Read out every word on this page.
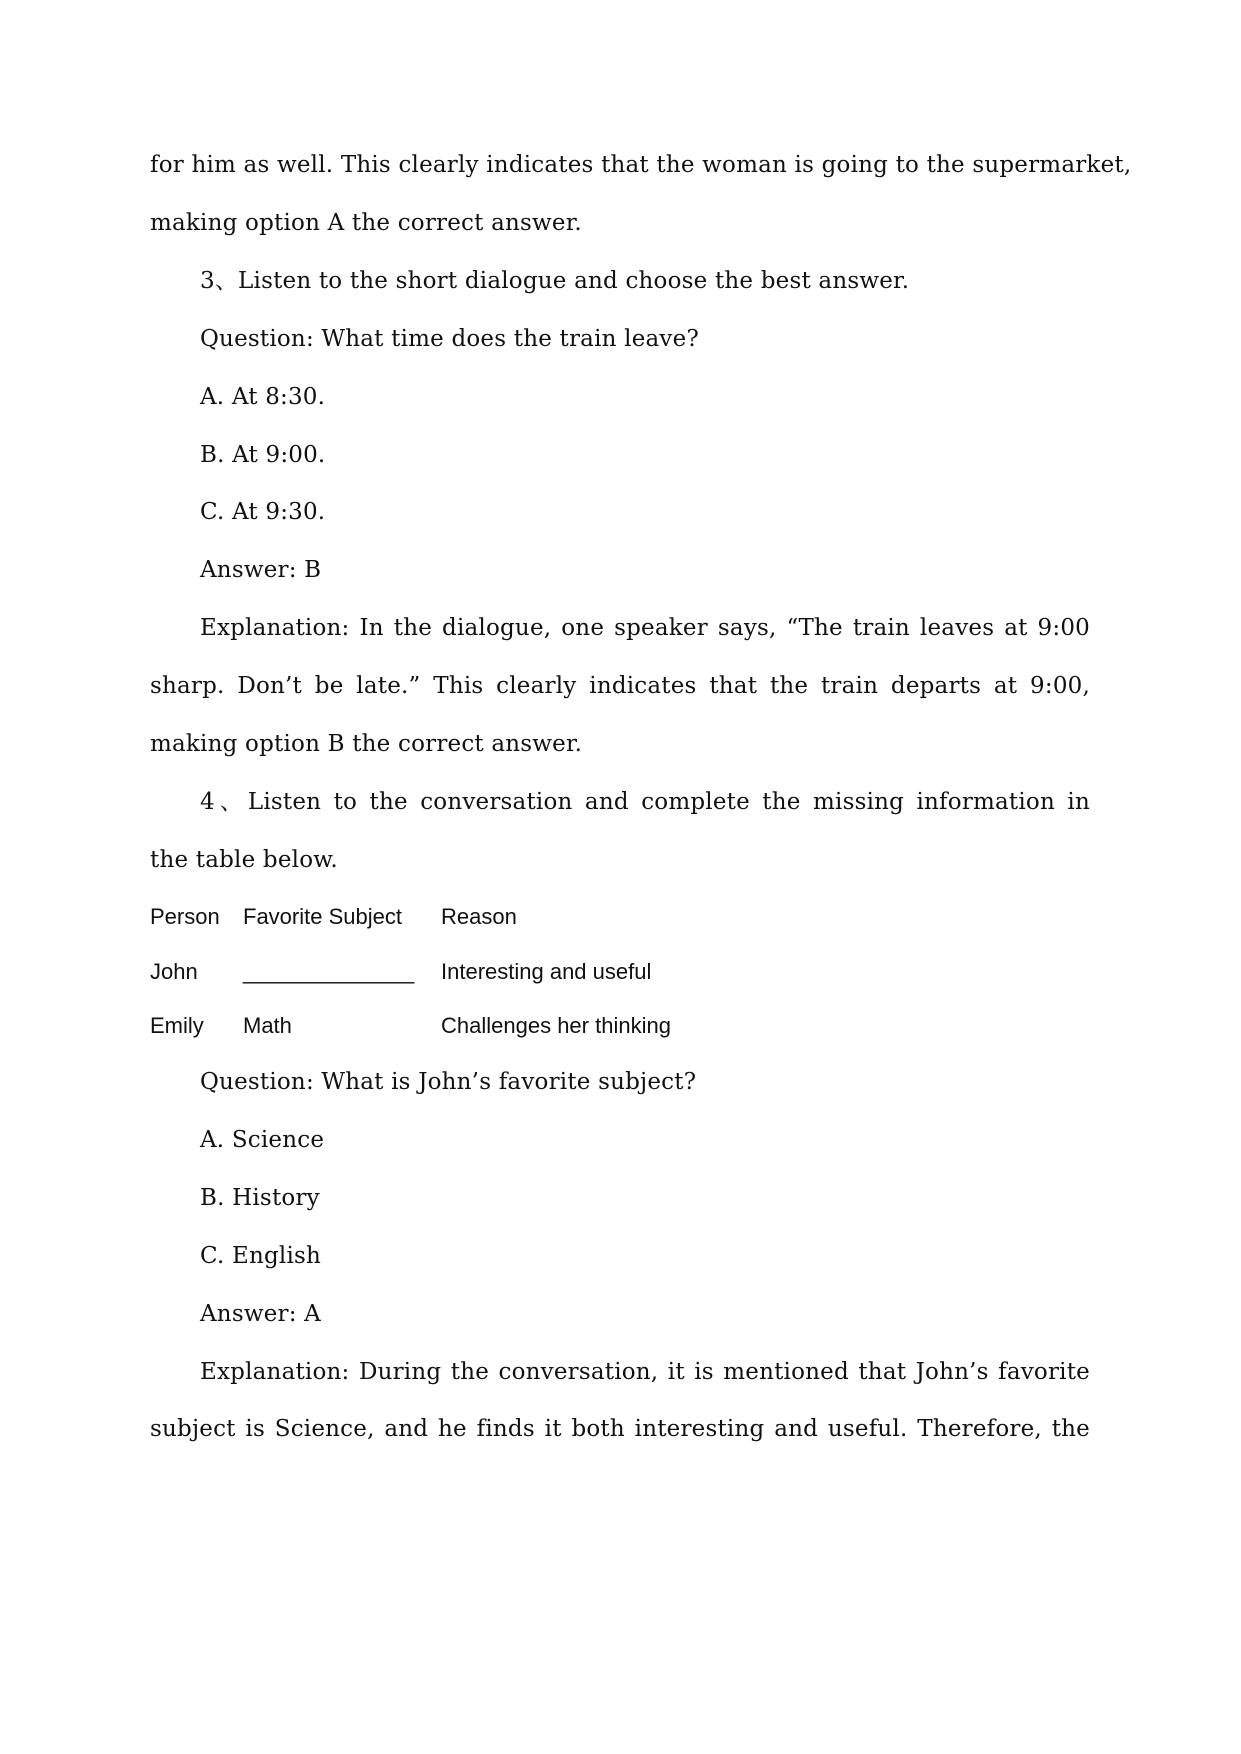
for him as well. This clearly indicates that the woman is going to the supermarket,
making option A the correct answer.
3、Listen to the short dialogue and choose the best answer.
Question: What time does the train leave?
A. At 8:30.
B. At 9:00.
C. At 9:30.
Answer: B
Explanation: In the dialogue, one speaker says, “The train leaves at 9:00
sharp. Don’t be late.” This clearly indicates that the train departs at 9:00,
making option B the correct answer.
4、Listen to the conversation and complete the missing information in
the table below.
Person Favorite Subject Reason
John ______________ Interesting and useful
Emily Math	Challenges her thinking
Question: What is John’s favorite subject?
A. Science
B. History
C. English
Answer: A
Explanation: During the conversation, it is mentioned that John’s favorite
subject is Science, and he finds it both interesting and useful. Therefore, the
